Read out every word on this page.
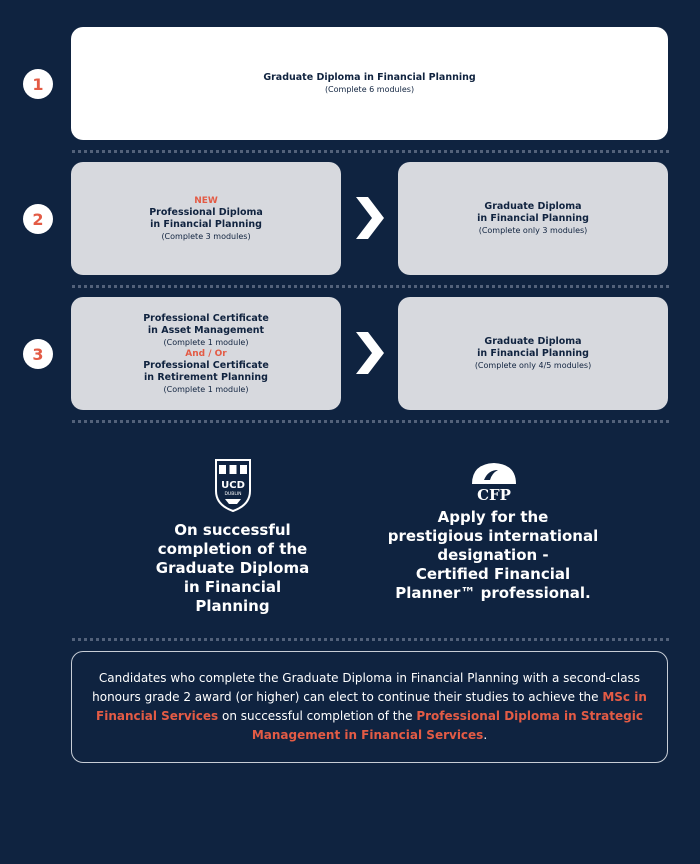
1	Graduate Diploma in Financial Planning
(Complete 6 modules)
2
NEW
Professional Diploma
in Financial Planning
(Complete 3 modules)
Graduate Diploma
in Financial Planning
(Complete only 3 modules)
3
Professional Certificate
in Asset Management
(Complete 1 module)
And / Or
Professional Certificate
in Retirement Planning
(Complete 1 module)
Graduate Diploma
in Financial Planning
(Complete only 4/5 modules)
UCD
DUBLIN
On successful
completion of the
Graduate Diploma
in Financial
Planning
CFP
Apply for the
prestigious international
designation -
Certified Financial
Planner™ professional.

Candidates who complete the Graduate Diploma in Financial Planning with a second-class honours grade 2 award (or higher) can elect to continue their studies to achieve the MSc in Financial Services on successful completion of the Professional Diploma in Strategic Management in Financial Services.
